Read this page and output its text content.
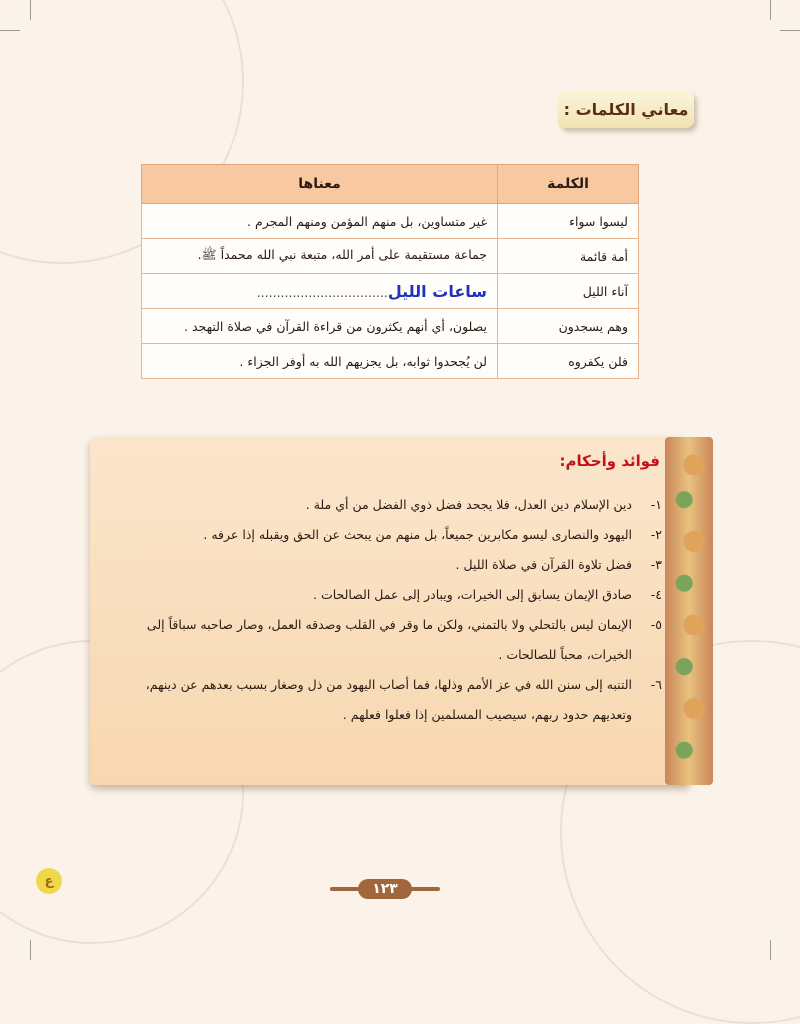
معاني الكلمات :
الكلمة	معناها
ليسوا سواء	غير متساوين، بل منهم المؤمن ومنهم المجرم .
أمة قائمة	جماعة مستقيمة على أمر الله، متبعة نبي الله محمداً ﷺ.
آناء الليل	ساعات الليل.................................
وهم يسجدون	يصلون، أي أنهم يكثرون من قراءة القرآن في صلاة التهجد .
فلن يكفروه	لن يُجحدوا ثوابه، بل يجزيهم الله به أوفر الجزاء .
فوائد وأحكام:
١-
دين الإسلام دين العدل، فلا يجحد فضل ذوي الفضل من أي ملة .
٢-
اليهود والنصارى ليسو مكابرين جميعاً، بل منهم من يبحث عن الحق ويقبله إذا عرفه .
٣-
فضل تلاوة القرآن في صلاة الليل .
٤-
صادق الإيمان يسابق إلى الخيرات، ويبادر إلى عمل الصالحات .
٥-
الإيمان ليس بالتحلي ولا بالتمني، ولكن ما وقر في القلب وصدقه العمل، وصار صاحبه سباقاً إلى الخيرات، محباً للصالحات .
٦-
التنبه إلى سنن الله في عز الأمم وذلها، فما أصاب اليهود من ذل وصغار بسبب بعدهم عن دينهم، وتعديهم حدود ربهم، سيصيب المسلمين إذا فعلوا فعلهم .
١٢٣
ع
